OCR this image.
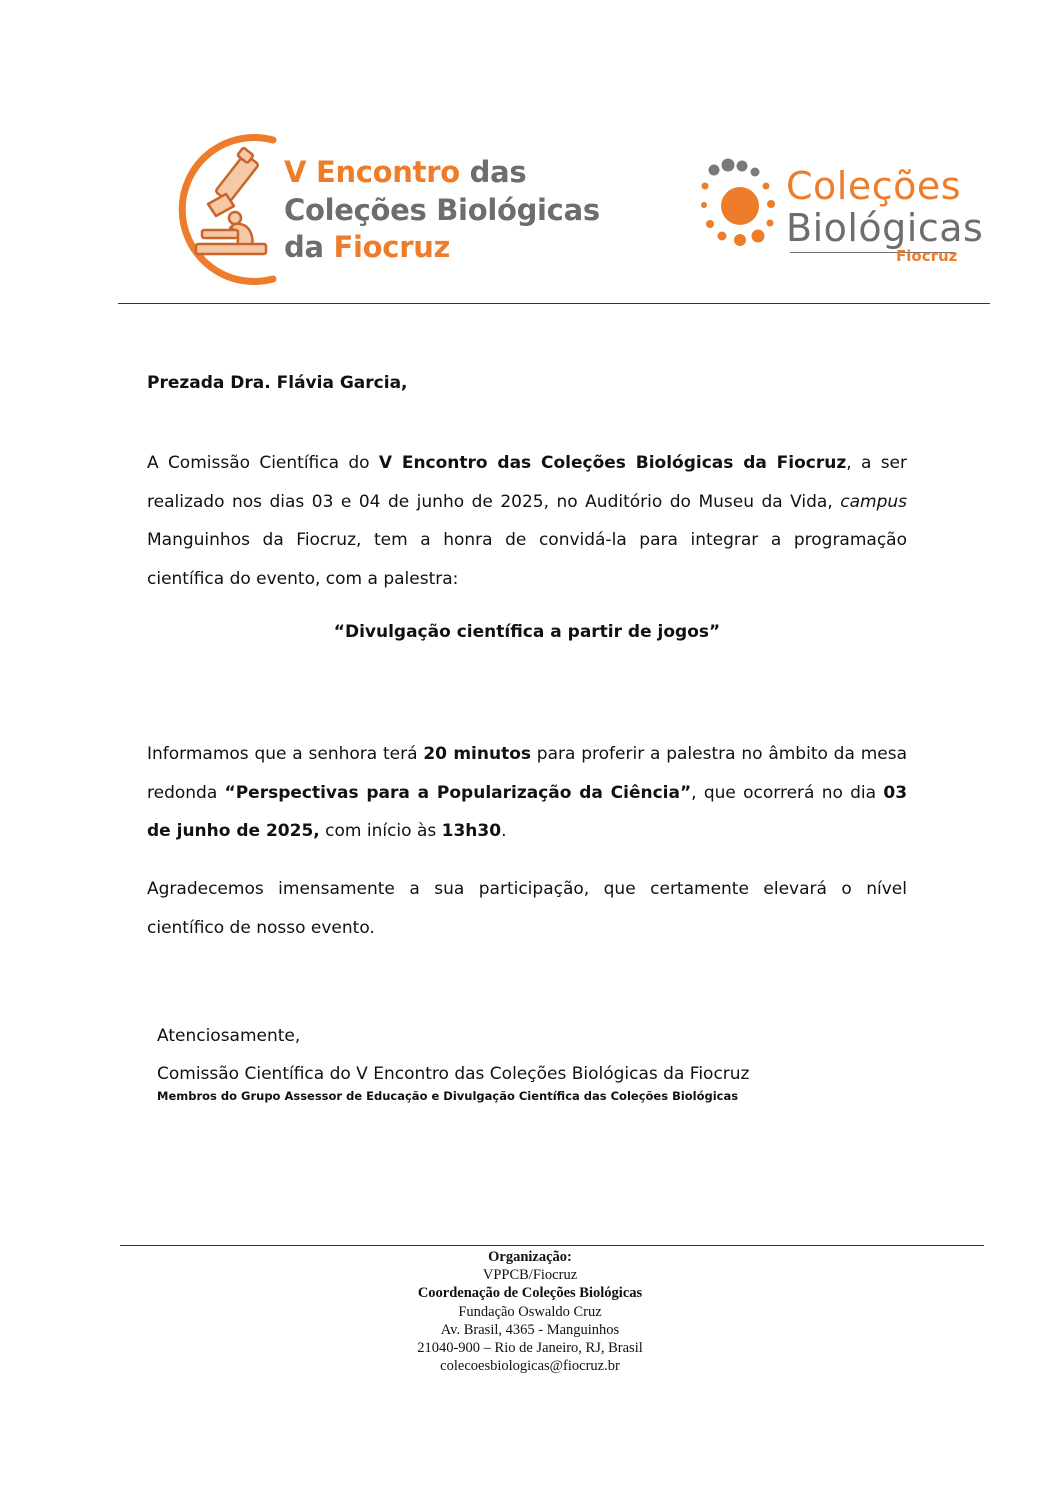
V Encontro das
Coleções Biológicas
da Fiocruz
Coleções
Biológicas
Fiocruz
Prezada Dra. Flávia Garcia,
A Comissão Científica do V Encontro das Coleções Biológicas da Fiocruz, a ser realizado nos dias 03 e 04 de junho de 2025, no Auditório do Museu da Vida, campus Manguinhos da Fiocruz, tem a honra de convidá-la para integrar a programação científica do evento, com a palestra:
“Divulgação científica a partir de jogos”
Informamos que a senhora terá 20 minutos para proferir a palestra no âmbito da mesa redonda “Perspectivas para a Popularização da Ciência”, que ocorrerá no dia 03 de junho de 2025, com início às 13h30.
Agradecemos imensamente a sua participação, que certamente elevará o nível científico de nosso evento.
Atenciosamente,
Comissão Científica do V Encontro das Coleções Biológicas da Fiocruz
Membros do Grupo Assessor de Educação e Divulgação Científica das Coleções Biológicas
Organização:
VPPCB/Fiocruz
Coordenação de Coleções Biológicas
Fundação Oswaldo Cruz
Av. Brasil, 4365 - Manguinhos
21040-900 – Rio de Janeiro, RJ, Brasil
colecoesbiologicas@fiocruz.br
